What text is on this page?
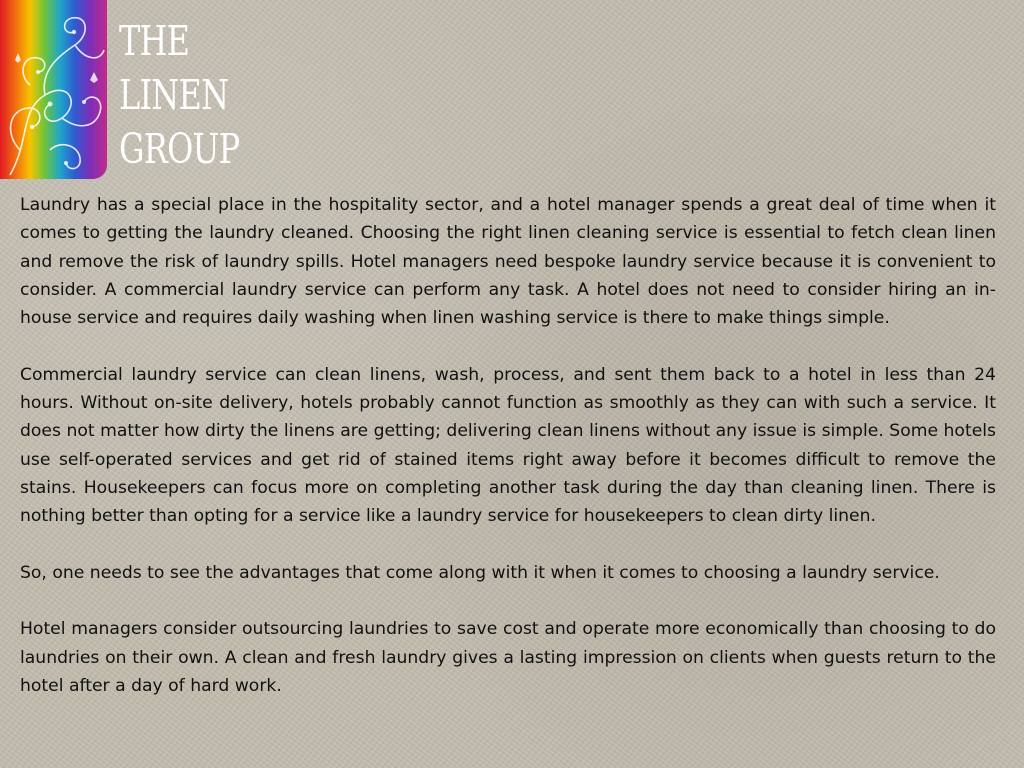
THE
LINEN
GROUP

Laundry has a special place in the hospitality sector, and a hotel manager spends a great deal of time when it comes to getting the laundry cleaned. Choosing the right linen cleaning service is essential to fetch clean linen and remove the risk of laundry spills. Hotel managers need bespoke laundry service because it is convenient to consider. A commercial laundry service can perform any task. A hotel does not need to consider hiring an in-house service and requires daily washing when linen washing service is there to make things simple.

Commercial laundry service can clean linens, wash, process, and sent them back to a hotel in less than 24 hours. Without on-site delivery, hotels probably cannot function as smoothly as they can with such a service. It does not matter how dirty the linens are getting; delivering clean linens without any issue is simple. Some hotels use self-operated services and get rid of stained items right away before it becomes difficult to remove the stains. Housekeepers can focus more on completing another task during the day than cleaning linen. There is nothing better than opting for a service like a laundry service for housekeepers to clean dirty linen.

So, one needs to see the advantages that come along with it when it comes to choosing a laundry service.

Hotel managers consider outsourcing laundries to save cost and operate more economically than choosing to do laundries on their own. A clean and fresh laundry gives a lasting impression on clients when guests return to the hotel after a day of hard work.
